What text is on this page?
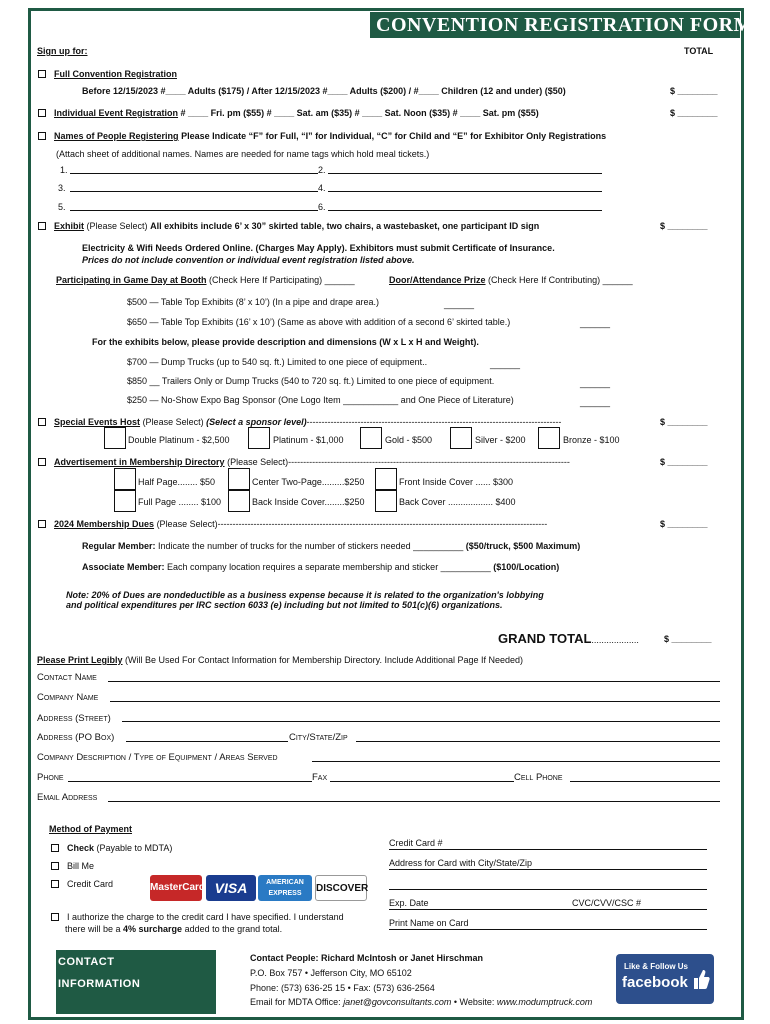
CONVENTION REGISTRATION FORM
Sign up for:	TOTAL
Full Convention Registration
Before 12/15/2023 #____ Adults ($175) / After 12/15/2023 #____ Adults ($200) / #____ Children (12 and under) ($50)	$ ________
Individual Event Registration # ____ Fri. pm ($55) # ____ Sat. am ($35) # ____ Sat. Noon ($35) # ____ Sat. pm ($55)	$ ________
Names of People Registering Please Indicate “F” for Full, “I” for Individual, “C” for Child and “E” for Exhibitor Only Registrations
(Attach sheet of additional names. Names are needed for name tags which hold meal tickets.)
1.	2.
3.	4.
5.	6.
Exhibit (Please Select) All exhibits include 6’ x 30” skirted table, two chairs, a wastebasket, one participant ID sign	$ ________
Electricity & Wifi Needs Ordered Online. (Charges May Apply). Exhibitors must submit Certificate of Insurance.
Prices do not include convention or individual event registration listed above.
Participating in Game Day at Booth (Check Here If Participating) ______	Door/Attendance Prize (Check Here If Contributing) ______
$500 — Table Top Exhibits (8’ x 10’) (In a pipe and drape area.)	______
$650 — Table Top Exhibits (16’ x 10’) (Same as above with addition of a second 6’ skirted table.)	______
For the exhibits below, please provide description and dimensions (W x L x H and Weight).
$700 — Dump Trucks (up to 540 sq. ft.) Limited to one piece of equipment..	______
$850 __ Trailers Only or Dump Trucks (540 to 720 sq. ft.) Limited to one piece of equipment.	______
$250 — No-Show Expo Bag Sponsor (One Logo Item ___________ and One Piece of Literature)	______
Special Events Host (Please Select) (Select a sponsor level)-------------------------------------------------------------------------------------	$ ________
Double Platinum - $2,500	Platinum - $1,000	Gold - $500	Silver - $200	Bronze - $100
Advertisement in Membership Directory (Please Select)----------------------------------------------------------------------------------------------	$ ________
Half Page........ $50	Center Two-Page.........$250	Front Inside Cover ...... $300
Full Page ........ $100	Back Inside Cover........$250	Back Cover .................. $400
2024 Membership Dues (Please Select)--------------------------------------------------------------------------------------------------------------	$ ________
Regular Member: Indicate the number of trucks for the number of stickers needed __________ ($50/truck, $500 Maximum)
Associate Member: Each company location requires a separate membership and sticker __________ ($100/Location)
Note: 20% of Dues are nondeductible as a business expense because it is related to the organization's lobbying
and political expenditures per IRC section 6033 (e) including but not limited to 501(c)(6) organizations.
GRAND TOTAL...................	$ ________
Please Print Legibly (Will Be Used For Contact Information for Membership Directory. Include Additional Page If Needed)
Contact Name
Company Name
Address (Street)
Address (PO Box)	City/State/Zip
Company Description / Type of Equipment / Areas Served
Phone	Fax	Cell Phone
Email Address
Method of Payment
Check (Payable to MDTA)
Bill Me
Credit Card	MasterCard VISA	AMERICAN EXPRESS	DISCOVER
I authorize the charge to the credit card I have specified. I understand
there will be a 4% surcharge added to the grand total.
Credit Card #
Address for Card with City/State/Zip
Exp. Date	CVC/CVV/CSC #
Print Name on Card
CONTACT
INFORMATION
Contact People: Richard McIntosh or Janet Hirschman
P.O. Box 757 • Jefferson City, MO 65102
Phone: (573) 636-25 15 • Fax: (573) 636-2564
Email for MDTA Office: janet@govconsultants.com • Website: www.modumptruck.com
Like & Follow Us
facebook
